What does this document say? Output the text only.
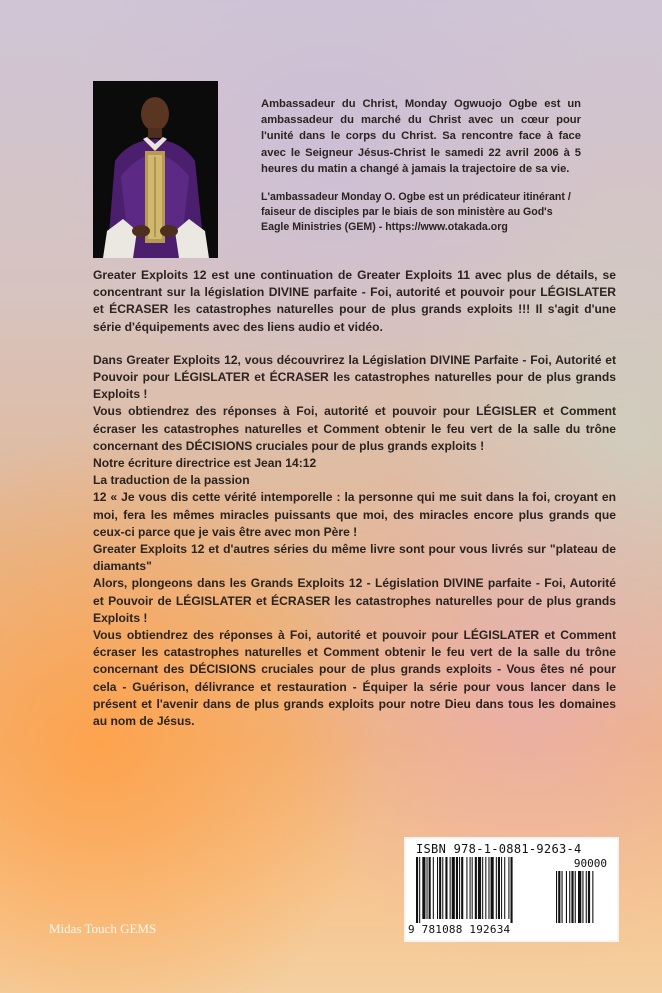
Ambassadeur du Christ, Monday Ogwuojo Ogbe est un ambassadeur du marché du Christ avec un cœur pour l'unité dans le corps du Christ. Sa rencontre face à face avec le Seigneur Jésus-Christ le samedi 22 avril 2006 à 5 heures du matin a changé à jamais la trajectoire de sa vie.

L'ambassadeur Monday O. Ogbe est un prédicateur itinérant / faiseur de disciples par le biais de son ministère au God's Eagle Ministries (GEM) - https://www.otakada.org

Greater Exploits 12 est une continuation de Greater Exploits 11 avec plus de détails, se concentrant sur la législation DIVINE parfaite - Foi, autorité et pouvoir pour LÉGISLATER et ÉCRASER les catastrophes naturelles pour de plus grands exploits !!! Il s'agit d'une série d'équipements avec des liens audio et vidéo.

Dans Greater Exploits 12, vous découvrirez la Législation DIVINE Parfaite - Foi, Autorité et Pouvoir pour LÉGISLATER et ÉCRASER les catastrophes naturelles pour de plus grands Exploits !

Vous obtiendrez des réponses à Foi, autorité et pouvoir pour LÉGISLER et Comment écraser les catastrophes naturelles et Comment obtenir le feu vert de la salle du trône concernant des DÉCISIONS cruciales pour de plus grands exploits !

Notre écriture directrice est Jean 14:12

La traduction de la passion

12 « Je vous dis cette vérité intemporelle : la personne qui me suit dans la foi, croyant en moi, fera les mêmes miracles puissants que moi, des miracles encore plus grands que ceux-ci parce que je vais être avec mon Père !

Greater Exploits 12 et d'autres séries du même livre sont pour vous livrés sur "plateau de diamants"

Alors, plongeons dans les Grands Exploits 12 - Législation DIVINE parfaite - Foi, Autorité et Pouvoir de LÉGISLATER et ÉCRASER les catastrophes naturelles pour de plus grands Exploits !

Vous obtiendrez des réponses à Foi, autorité et pouvoir pour LÉGISLATER et Comment écraser les catastrophes naturelles et Comment obtenir le feu vert de la salle du trône concernant des DÉCISIONS cruciales pour de plus grands exploits - Vous êtes né pour cela - Guérison, délivrance et restauration - Équiper la série pour vous lancer dans le présent et l'avenir dans de plus grands exploits pour notre Dieu dans tous les domaines au nom de Jésus.

ISBN 978-1-0881-9263-4
90000
9 781088 192634
Midas Touch GEMS
